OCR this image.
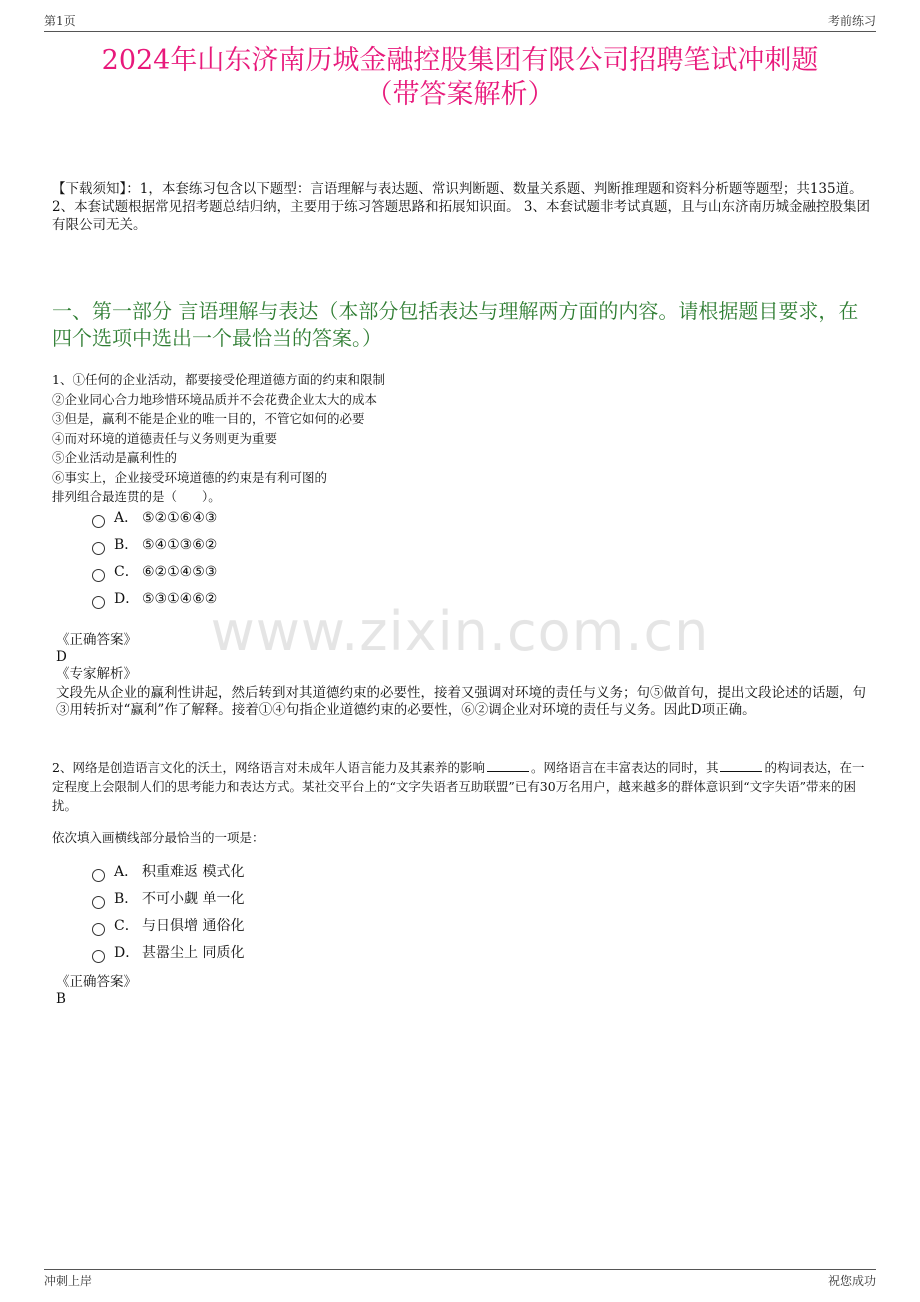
第1页	考前练习
2024年山东济南历城金融控股集团有限公司招聘笔试冲刺题
（带答案解析）
【下载须知】：1，本套练习包含以下题型：言语理解与表达题、常识判断题、数量关系题、判断推理题和资料分析题等题型；共135道。 2、本套试题根据常见招考题总结归纳，主要用于练习答题思路和拓展知识面。 3、本套试题非考试真题，且与山东济南历城金融控股集团有限公司无关。
一、第一部分 言语理解与表达（本部分包括表达与理解两方面的内容。请根据题目要求，在四个选项中选出一个最恰当的答案。）
1、①任何的企业活动，都要接受伦理道德方面的约束和限制
②企业同心合力地珍惜环境品质并不会花费企业太大的成本
③但是，赢利不能是企业的唯一目的，不管它如何的必要
④而对环境的道德责任与义务则更为重要
⑤企业活动是赢利性的
⑥事实上，企业接受环境道德的约束是有利可图的
排列组合最连贯的是（　　）。
A． ⑤②①⑥④③
B． ⑤④①③⑥②
C． ⑥②①④⑤③
D． ⑤③①④⑥②
www.zixin.com.cn
《正确答案》
D
《专家解析》
文段先从企业的赢利性讲起，然后转到对其道德约束的必要性，接着又强调对环境的责任与义务；句⑤做首句，提出文段论述的话题，句③用转折对“赢利”作了解释。接着①④句指企业道德约束的必要性，⑥②调企业对环境的责任与义务。因此D项正确。
2、网络是创造语言文化的沃土，网络语言对未成年人语言能力及其素养的影响	。网络语言在丰富表达的同时，其	的构词表达，在一定程度上会限制人们的思考能力和表达方式。某社交平台上的“文字失语者互助联盟”已有30万名用户，越来越多的群体意识到“文字失语”带来的困扰。
依次填入画横线部分最恰当的一项是：
A． 积重难返 模式化
B． 不可小觑 单一化
C． 与日俱增 通俗化
D． 甚嚣尘上 同质化
《正确答案》
B
冲刺上岸	祝您成功
